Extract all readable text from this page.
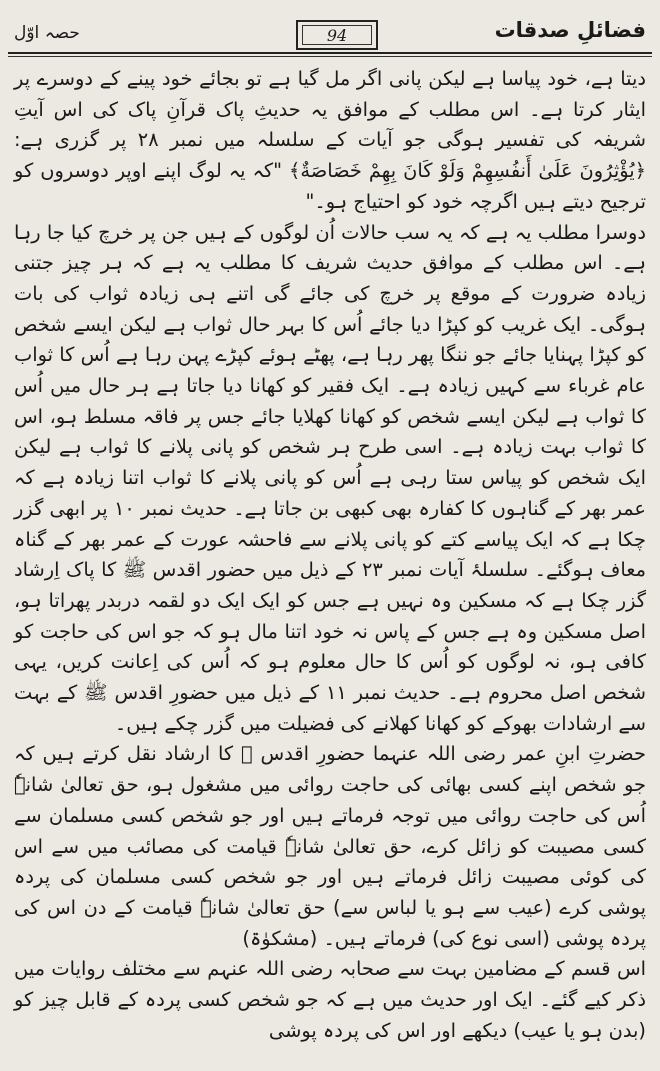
فضائلِ صدقات
94
حصہ اوّل

دیتا ہے، خود پیاسا ہے لیکن پانی اگر مل گیا ہے تو بجائے خود پینے کے دوسرے پر ایثار کرتا ہے۔ اس مطلب کے موافق یہ حدیثِ پاک قرآنِ پاک کی اس آیتِ شریفہ کی تفسیر ہوگی جو آیات کے سلسلہ میں نمبر ۲۸ پر گزری ہے: ﴿يُؤْثِرُونَ عَلَىٰ أَنفُسِهِمْ وَلَوْ كَانَ بِهِمْ خَصَاصَةٌ﴾ "کہ یہ لوگ اپنے اوپر دوسروں کو ترجیح دیتے ہیں اگرچہ خود کو احتیاج ہو۔"

دوسرا مطلب یہ ہے کہ یہ سب حالات اُن لوگوں کے ہیں جن پر خرچ کیا جا رہا ہے۔ اس مطلب کے موافق حدیث شریف کا مطلب یہ ہے کہ ہر چیز جتنی زیادہ ضرورت کے موقع پر خرچ کی جائے گی اتنے ہی زیادہ ثواب کی بات ہوگی۔ ایک غریب کو کپڑا دیا جائے اُس کا بہر حال ثواب ہے لیکن ایسے شخص کو کپڑا پہنایا جائے جو ننگا پھر رہا ہے، پھٹے ہوئے کپڑے پہن رہا ہے اُس کا ثواب عام غرباء سے کہیں زیادہ ہے۔ ایک فقیر کو کھانا دیا جاتا ہے ہر حال میں اُس کا ثواب ہے لیکن ایسے شخص کو کھانا کھلایا جائے جس پر فاقہ مسلط ہو، اس کا ثواب بہت زیادہ ہے۔ اسی طرح ہر شخص کو پانی پلانے کا ثواب ہے لیکن ایک شخص کو پیاس ستا رہی ہے اُس کو پانی پلانے کا ثواب اتنا زیادہ ہے کہ عمر بھر کے گناہوں کا کفارہ بھی کبھی بن جاتا ہے۔ حدیث نمبر ۱۰ پر ابھی گزر چکا ہے کہ ایک پیاسے کتے کو پانی پلانے سے فاحشہ عورت کے عمر بھر کے گناہ معاف ہوگئے۔ سلسلۂ آیات نمبر ۲۳ کے ذیل میں حضور اقدس ﷺ کا پاک اِرشاد گزر چکا ہے کہ مسکین وہ نہیں ہے جس کو ایک ایک دو لقمہ دربدر پھراتا ہو، اصل مسکین وہ ہے جس کے پاس نہ خود اتنا مال ہو کہ جو اس کی حاجت کو کافی ہو، نہ لوگوں کو اُس کا حال معلوم ہو کہ اُس کی اِعانت کریں، یہی شخص اصل محروم ہے۔ حدیث نمبر ۱۱ کے ذیل میں حضورِ اقدس ﷺ کے بہت سے ارشادات بھوکے کو کھانا کھلانے کی فضیلت میں گزر چکے ہیں۔

حضرتِ ابنِ عمر رضی اللہ عنہما حضورِ اقدس ﷺ کا ارشاد نقل کرتے ہیں کہ جو شخص اپنے کسی بھائی کی حاجت روائی میں مشغول ہو، حق تعالیٰ شانہٗ اُس کی حاجت روائی میں توجہ فرماتے ہیں اور جو شخص کسی مسلمان سے کسی مصیبت کو زائل کرے، حق تعالیٰ شانہٗ قیامت کی مصائب میں سے اس کی کوئی مصیبت زائل فرماتے ہیں اور جو شخص کسی مسلمان کی پردہ پوشی کرے (عیب سے ہو یا لباس سے) حق تعالیٰ شانہٗ قیامت کے دن اس کی پردہ پوشی (اسی نوع کی) فرماتے ہیں۔ (مشکوٰۃ)

اس قسم کے مضامین بہت سے صحابہ رضی اللہ عنہم سے مختلف روایات میں ذکر کیے گئے۔ ایک اور حدیث میں ہے کہ جو شخص کسی پردہ کے قابل چیز کو (بدن ہو یا عیب) دیکھے اور اس کی پردہ پوشی
